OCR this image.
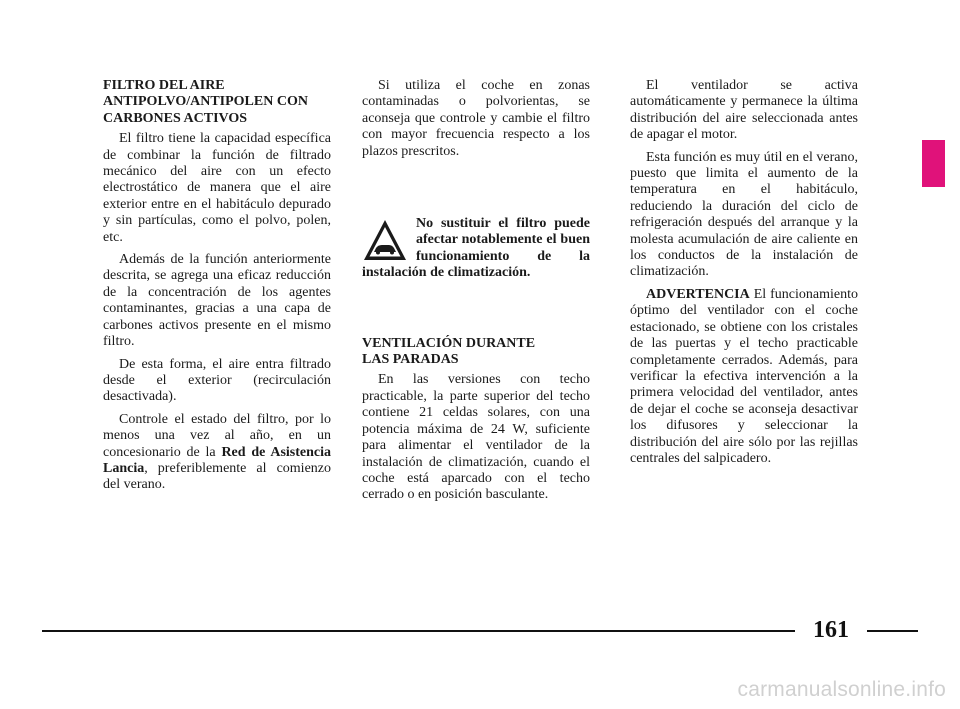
FILTRO DEL AIRE
ANTIPOLVO/ANTIPOLEN CON
CARBONES ACTIVOS

El filtro tiene la capacidad específica de combinar la función de filtrado mecánico del aire con un efecto electrostático de manera que el aire exterior entre en el habitáculo depurado y sin partículas, como el polvo, polen, etc.

Además de la función anteriormente descrita, se agrega una eficaz reducción de la concentración de los agentes contaminantes, gracias a una capa de carbones activos presente en el mismo filtro.

De esta forma, el aire entra filtrado desde el exterior (recirculación desactivada).

Controle el estado del filtro, por lo menos una vez al año, en un concesionario de la Red de Asistencia Lancia, preferiblemente al comienzo del verano.

Si utiliza el coche en zonas contaminadas o polvorientas, se aconseja que controle y cambie el filtro con mayor frecuencia respecto a los plazos prescritos.

No sustituir el filtro puede afectar notablemente el buen funcionamiento de la instalación de climatización.
VENTILACIÓN DURANTE
LAS PARADAS

En las versiones con techo practicable, la parte superior del techo contiene 21 celdas solares, con una potencia máxima de 24 W, suficiente para alimentar el ventilador de la instalación de climatización, cuando el coche está aparcado con el techo cerrado o en posición basculante.

El ventilador se activa automáticamente y permanece la última distribución del aire seleccionada antes de apagar el motor.

Esta función es muy útil en el verano, puesto que limita el aumento de la temperatura en el habitáculo, reduciendo la duración del ciclo de refrigeración después del arranque y la molesta acumulación de aire caliente en los conductos de la instalación de climatización.

ADVERTENCIA El funcionamiento óptimo del ventilador con el coche estacionado, se obtiene con los cristales de las puertas y el techo practicable completamente cerrados. Además, para verificar la efectiva intervención a la primera velocidad del ventilador, antes de dejar el coche se aconseja desactivar los difusores y seleccionar la distribución del aire sólo por las rejillas centrales del salpicadero.

161
carmanualsonline.info
